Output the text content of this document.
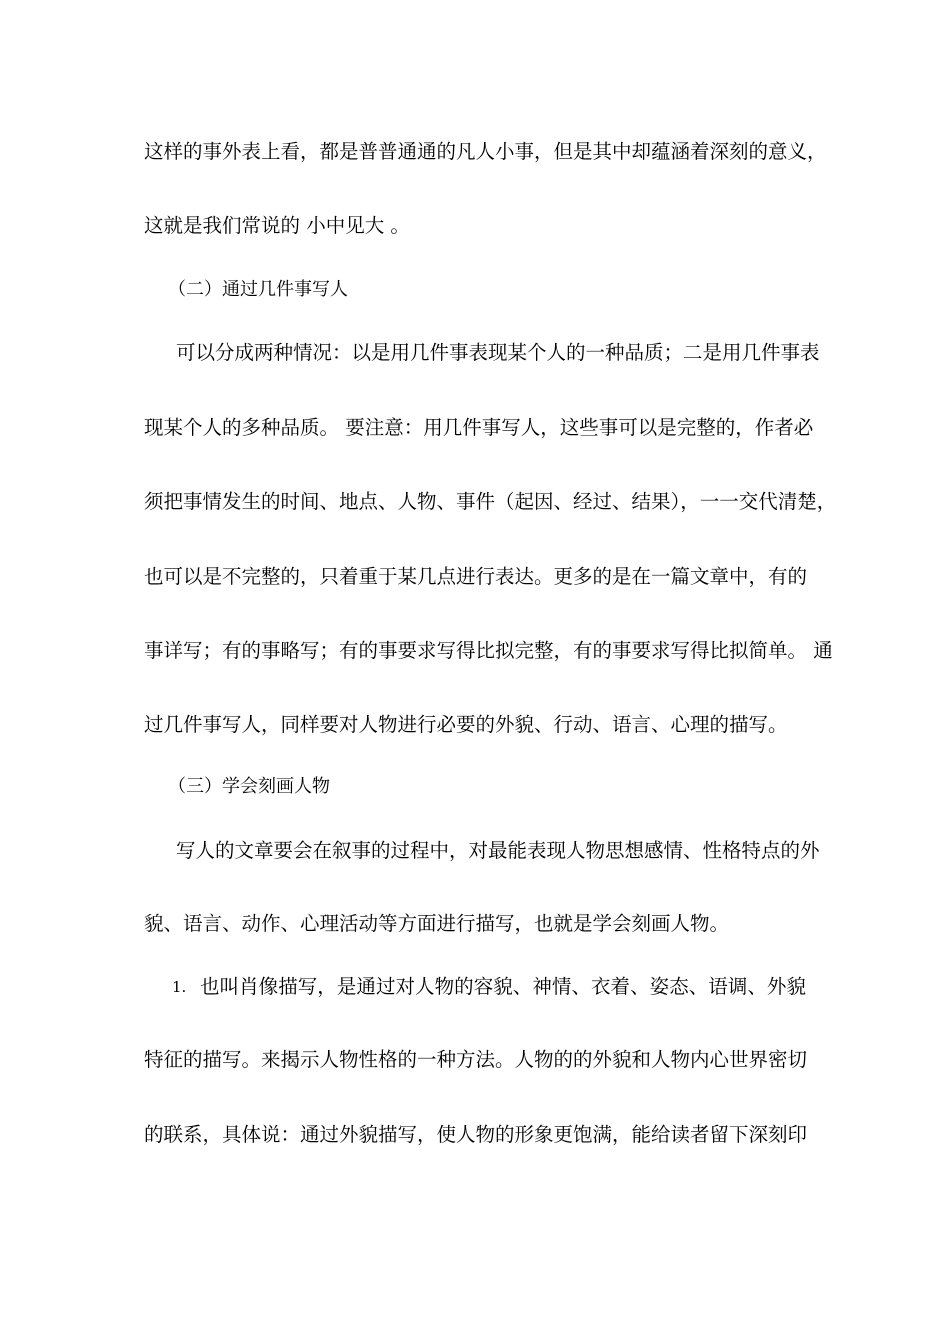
这样的事外表上看，都是普普通通的凡人小事，但是其中却蕴涵着深刻的意义，
这就是我们常说的 小中见大 。
（二）通过几件事写人
可以分成两种情况：以是用几件事表现某个人的一种品质；二是用几件事表
现某个人的多种品质。 要注意：用几件事写人，这些事可以是完整的，作者必
须把事情发生的时间、地点、人物、事件（起因、经过、结果），一一交代清楚，
也可以是不完整的，只着重于某几点进行表达。更多的是在一篇文章中，有的
事详写；有的事略写；有的事要求写得比拟完整，有的事要求写得比拟简单。 通
过几件事写人，同样要对人物进行必要的外貌、行动、语言、心理的描写。
（三）学会刻画人物
写人的文章要会在叙事的过程中，对最能表现人物思想感情、性格特点的外
貌、语言、动作、心理活动等方面进行描写，也就是学会刻画人物。
1. 也叫肖像描写，是通过对人物的容貌、神情、衣着、姿态、语调、外貌
特征的描写。来揭示人物性格的一种方法。人物的的外貌和人物内心世界密切
的联系，具体说：通过外貌描写，使人物的形象更饱满，能给读者留下深刻印
